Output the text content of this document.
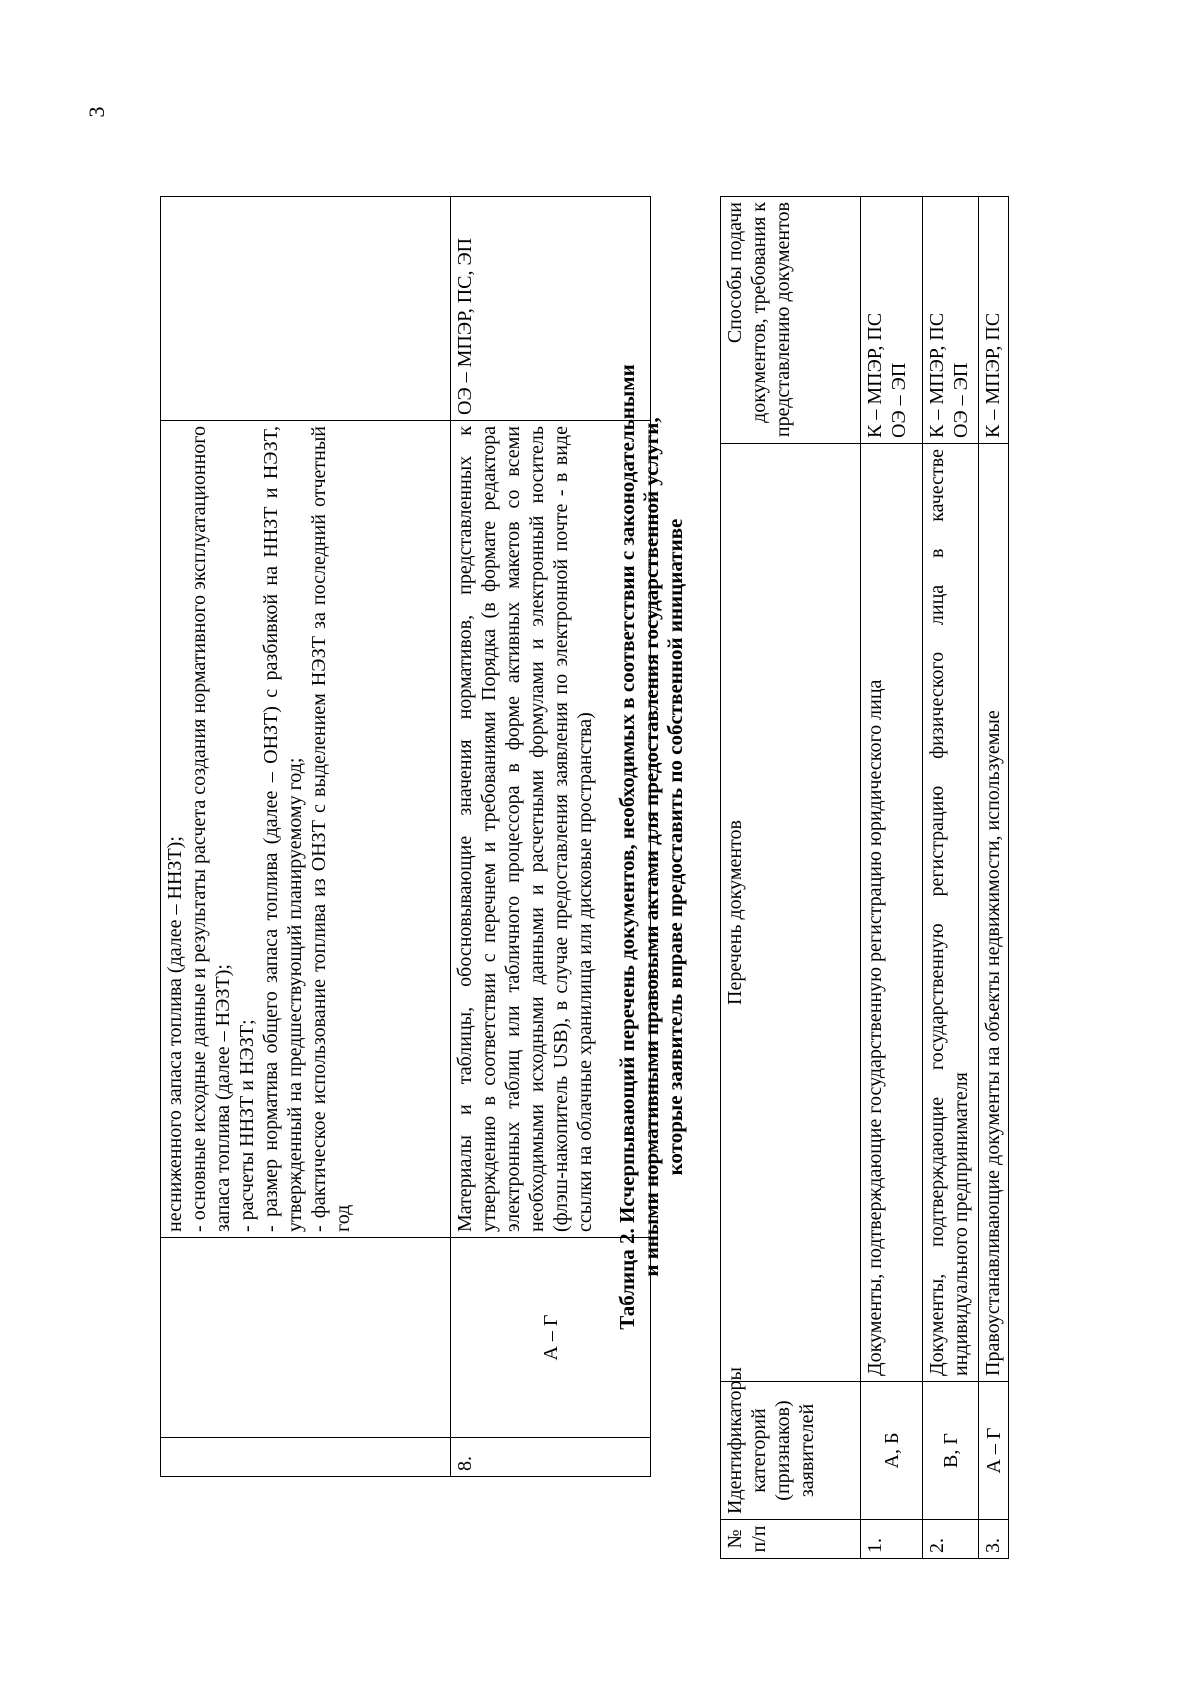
3

		несниженного запаса топлива (далее – ННЗТ); - основные исходные данные и результаты расчета создания нормативного эксплуатационного запаса топлива (далее – НЭЗТ); - расчеты ННЗТ и НЭЗТ; - размер норматива общего запаса топлива (далее – ОНЗТ) с разбивкой на ННЗТ и НЭЗТ, утвержденный на предшествующий планируемому год; - фактическое использование топлива из ОНЗТ с выделением НЭЗТ за последний отчетный год	

8.	А – Г	Материалы и таблицы, обосновывающие значения нормативов, представленных к утверждению в соответствии с перечнем и требованиями Порядка (в формате редактора электронных таблиц или табличного процессора в форме активных макетов со всеми необходимыми исходными данными и расчетными формулами и электронный носитель (флэш-накопитель USB), в случае предоставления заявления по электронной почте - в виде ссылки на облачные хранилища или дисковые пространства)	ОЭ – МПЭР, ПС, ЭП
Таблица 2. Исчерпывающий перечень документов, необходимых в соответствии с законодательными и иными нормативными правовыми актами для предоставления государственной услуги, которые заявитель вправе предоставить по собственной инициативе
№ п/п	Идентификаторы категорий (признаков) заявителей	Перечень документов	Способы подачи документов, требования к представлению документов
1.	А, Б	Документы, подтверждающие государственную регистрацию юридического лица	К – МПЭР, ПС ОЭ – ЭП

2.	В, Г	Документы, подтверждающие государственную регистрацию физического лица в качестве индивидуального предпринимателя	К – МПЭР, ПС ОЭ – ЭП

3.	А – Г	Правоустанавливающие документы на объекты недвижимости, используемые	К – МПЭР, ПС
